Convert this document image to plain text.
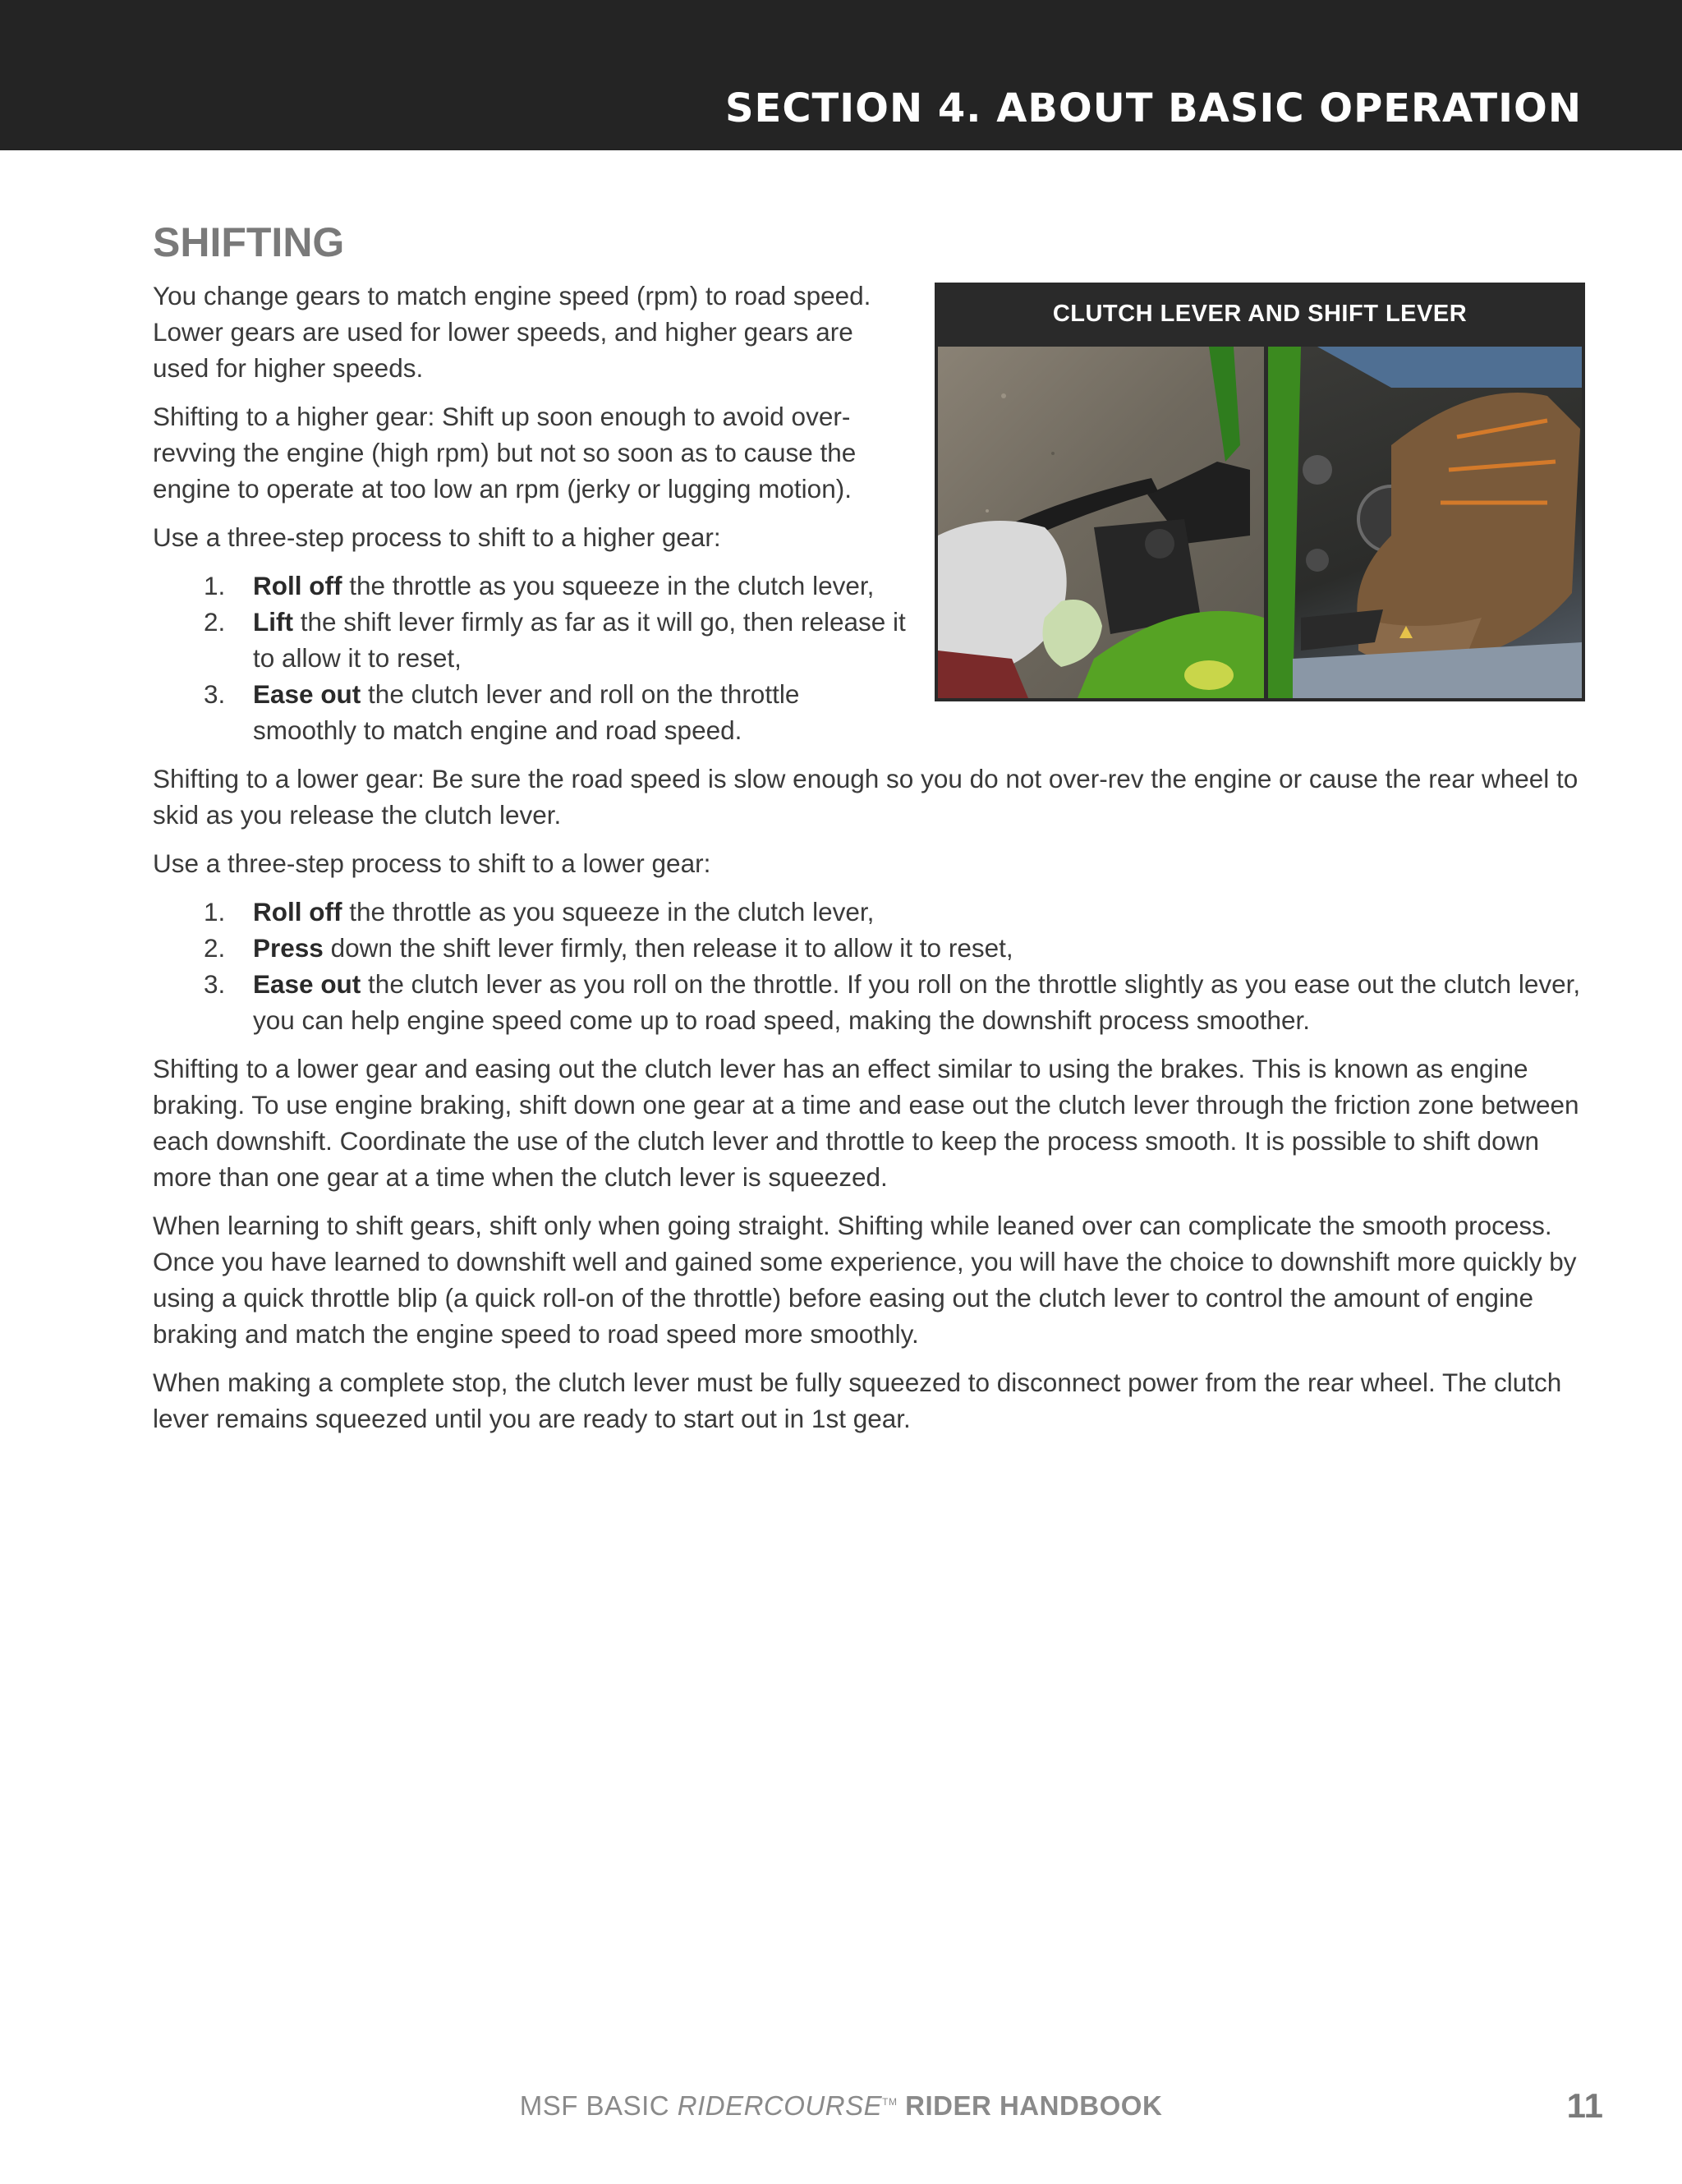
SECTION 4. ABOUT BASIC OPERATION
SHIFTING

You change gears to match engine speed (rpm) to road speed. Lower gears are used for lower speeds, and higher gears are used for higher speeds.

Shifting to a higher gear: Shift up soon enough to avoid over-revving the engine (high rpm) but not so soon as to cause the engine to operate at too low an rpm (jerky or lugging motion).

Use a three-step process to shift to a higher gear:

1. Roll off the throttle as you squeeze in the clutch lever,
2. Lift the shift lever firmly as far as it will go, then release it to allow it to reset,
3. Ease out the clutch lever and roll on the throttle smoothly to match engine and road speed.

Shifting to a lower gear: Be sure the road speed is slow enough so you do not over-rev the engine or cause the rear wheel to skid as you release the clutch lever.

Use a three-step process to shift to a lower gear:

1. Roll off the throttle as you squeeze in the clutch lever,
2. Press down the shift lever firmly, then release it to allow it to reset,
3. Ease out the clutch lever as you roll on the throttle. If you roll on the throttle slightly as you ease out the clutch lever, you can help engine speed come up to road speed, making the downshift process smoother.

Shifting to a lower gear and easing out the clutch lever has an effect similar to using the brakes. This is known as engine braking. To use engine braking, shift down one gear at a time and ease out the clutch lever through the friction zone between each downshift. Coordinate the use of the clutch lever and throttle to keep the process smooth. It is possible to shift down more than one gear at a time when the clutch lever is squeezed.

When learning to shift gears, shift only when going straight. Shifting while leaned over can complicate the smooth process. Once you have learned to downshift well and gained some experience, you will have the choice to downshift more quickly by using a quick throttle blip (a quick roll-on of the throttle) before easing out the clutch lever to control the amount of engine braking and match the engine speed to road speed more smoothly.

When making a complete stop, the clutch lever must be fully squeezed to disconnect power from the rear wheel. The clutch lever remains squeezed until you are ready to start out in 1st gear.

CLUTCH LEVER AND SHIFT LEVER
MSF BASIC RIDERCOURSE™ RIDER HANDBOOK	11
